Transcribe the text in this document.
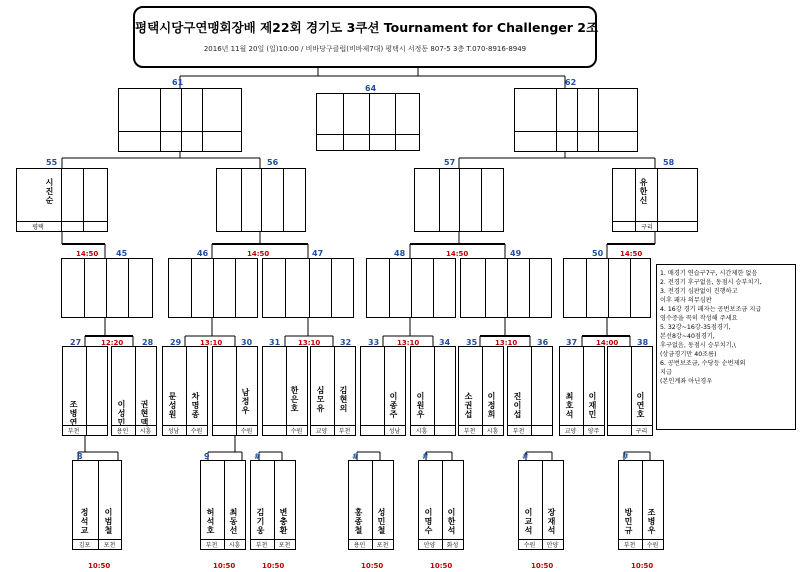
평택시당구연맹회장배 제22회 경기도 3쿠션 Tournament for Challenger 2조
2016년 11월 20일 (일)10:00 / 비바당구클럽(비바제7대) 평택시 서정동 807-5 3층 T.070-8916-8949
61
64
62
55	56	57	58
45	46	47	48	49	50
27	28 29	30 31	32 33	34 35	36 37	38
8	9	#	#	#	#	#
14:50	14:50	14:50	14:50
12:20	13:10	13:10	13:10	13:10	14:00
10:50	10:50	10:50	10:50	10:50	10:50	10:50
시진순
평택
유한신
구리
조병연
부천
이성민
용인
권현맥
시흥
문성원
성남
차명종
수원
남정우
수원
한은호
수원
심모유
교양
김현의
부천
이종주
성남
이원우
시흥
소권섭
부천
이정희
시흥
진이섭
부천
최호석
교양
이재민
양주
이연호
구리
정석교
김포
이범철
포천
허석호
부천
최동선
시흥
김기웅
부천
변충환
포천
홍종철
용인
성민철
포천
이명수
안양
이한석
화성
이교석
수원
장재석
안양
방민규
부천
조병우
수원
1. 매경기 연습구7구, 시간제한 없음
2. 전경기 후구없음, 동점시 승부치기,
3. 전경기 심판없이 진행하고
이후 패자 의무심판
4. 16강 경기 패자는 공번보조금 지급
영수증을 꼭히 작성해 주세요
5. 32강~16강-35점경기,
본선8강~40점경기,
후구없음, 동점시 승부치기,\
(상금경기만 40조름)
6. 공번보조금, 수당등 순번제외
지급
(본인계좌 아닌경우
